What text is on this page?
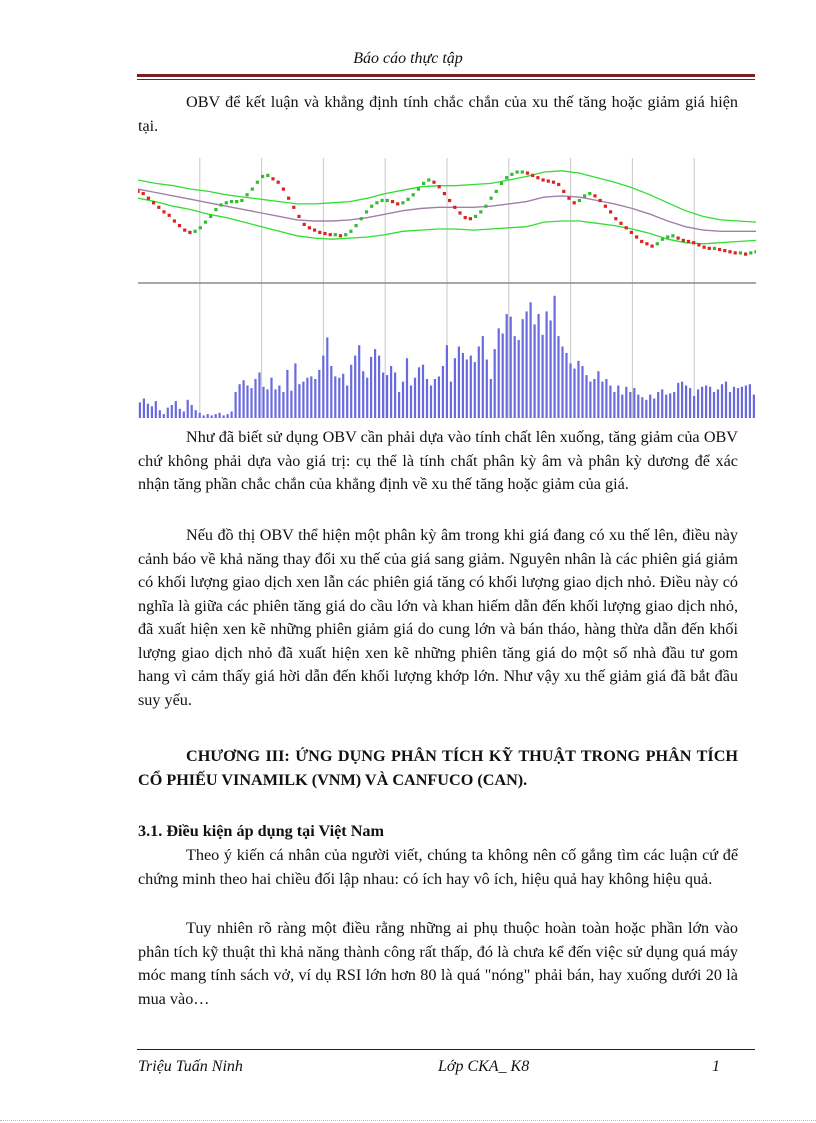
Báo cáo thực tập

OBV để kết luận và khẳng định tính chắc chắn của xu thế tăng hoặc giảm giá hiện tại.

Như đã biết sử dụng OBV cần phải dựa vào tính chất lên xuống, tăng giảm của OBV chứ không phải dựa vào giá trị: cụ thể là tính chất phân kỳ âm và phân kỳ dương để xác nhận tăng phần chắc chắn của khẳng định về xu thế tăng hoặc giảm của giá.
Nếu đồ thị OBV thể hiện một phân kỳ âm trong khi giá đang có xu thế lên, điều này cảnh báo về khả năng thay đổi xu thế của giá sang giảm. Nguyên nhân là các phiên giá giảm có khối lượng giao dịch xen lẫn các phiên giá tăng có khối lượng giao dịch nhỏ. Điều này có nghĩa là giữa các phiên tăng giá do cầu lớn và khan hiếm dẫn đến khối lượng giao dịch nhỏ, đã xuất hiện xen kẽ những phiên giảm giá do cung lớn và bán tháo, hàng thừa dẫn đến khối lượng giao dịch nhỏ đã xuất hiện xen kẽ những phiên tăng giá do một số nhà đầu tư gom hang vì cảm thấy giá hời dẫn đến khối lượng khớp lớn. Như vậy xu thế giảm giá đã bắt đầu suy yếu.
CHƯƠNG III: ỨNG DỤNG PHÂN TÍCH KỸ THUẬT TRONG PHÂN TÍCH CỔ PHIẾU VINAMILK (VNM) VÀ CANFUCO (CAN).
3.1. Điều kiện áp dụng tại Việt Nam
Theo ý kiến cá nhân của người viết, chúng ta không nên cố gắng tìm các luận cứ để chứng minh theo hai chiều đối lập nhau: có ích hay vô ích, hiệu quả hay không hiệu quả.
Tuy nhiên rõ ràng một điều rằng những ai phụ thuộc hoàn toàn hoặc phần lớn vào phân tích kỹ thuật thì khả năng thành công rất thấp, đó là chưa kể đến việc sử dụng quá máy móc mang tính sách vở, ví dụ RSI lớn hơn 80 là quá "nóng" phải bán, hay xuống dưới 20 là mua vào…
Triệu Tuấn Ninh	Lớp CKA_ K8	1
